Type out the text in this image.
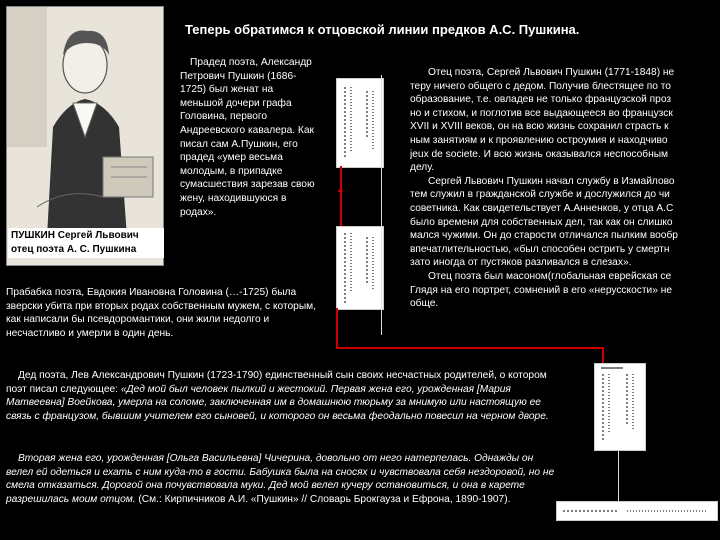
Теперь обратимся к отцовской линии предков А.С. Пушкина.
ПУШКИН Сергей Львович
отец поэта А. С. Пушкина
Прадед поэта, Александр Петрович Пушкин (1686-1725) был женат на меньшой дочери графа Головина, первого Андреевского кавалера. Как писал сам А.Пушкин, его прадед «умер весьма молодым, в припадке сумасшествия зарезав свою жену, находившуюся в родах».
Прабабка поэта, Евдокия Ивановна Головина (…-1725) была зверски убита при вторых родах собственным мужем, с которым, как написали бы псевдоромантики, они жили недолго и несчастливо и умерли в один день.

Отец поэта, Сергей Львович Пушкин (1771-1848) не

теру ничего общего с дедом. Получив блестящее по то

образование, т.е. овладев не только французской проз

но и стихом, и поглотив все выдающееся во французск

XVII и XVIII веков, он на всю жизнь сохранил страсть к

ным занятиям и к проявлению остроумия и находчиво

jeux de societe. И всю жизнь оказывался неспособным

делу.

Сергей Львович Пушкин начал службу в Измайлово

тем служил в гражданской службе и дослужился до чи

советника. Как свидетельствует А.Анненков, у отца А.С

было времени для собственных дел, так как он слишко

мался чужими. Он до старости отличался пылким вообр

впечатлительностью, «был способен острить у смертн

зато иногда от пустяков разливался в слезах».

Отец поэта был масоном(глобальная еврейская се

Глядя на его портрет, сомнений в его «нерусскости» не

обще.

Дед поэта, Лев Александрович Пушкин (1723-1790) единственный сын своих несчастных родителей, о котором поэт писал следующее: «Дед мой был человек пылкий и жестокий. Первая жена его, урожденная [Мария Матвеевна] Воейкова, умерла на соломе, заключенная им в домашнюю тюрьму за мнимую или настоящую ее связь с французом, бывшим учителем его сыновей, и которого он весьма феодально повесил на черном дворе.

Вторая жена его, урожденная [Ольга Васильевна] Чичерина, довольно от него натерпелась. Однажды он велел ей одеться и ехать с ним куда-то в гости. Бабушка была на сносях и чувствовала себя нездоровой, но не смела отказаться. Дорогой она почувствовала муки. Дед мой велел кучеру остановиться, и она в карете разрешилась моим отцом. (См.: Кирпичников А.И. «Пушкин» // Словарь Брокгауза и Ефрона, 1890-1907).

▲
